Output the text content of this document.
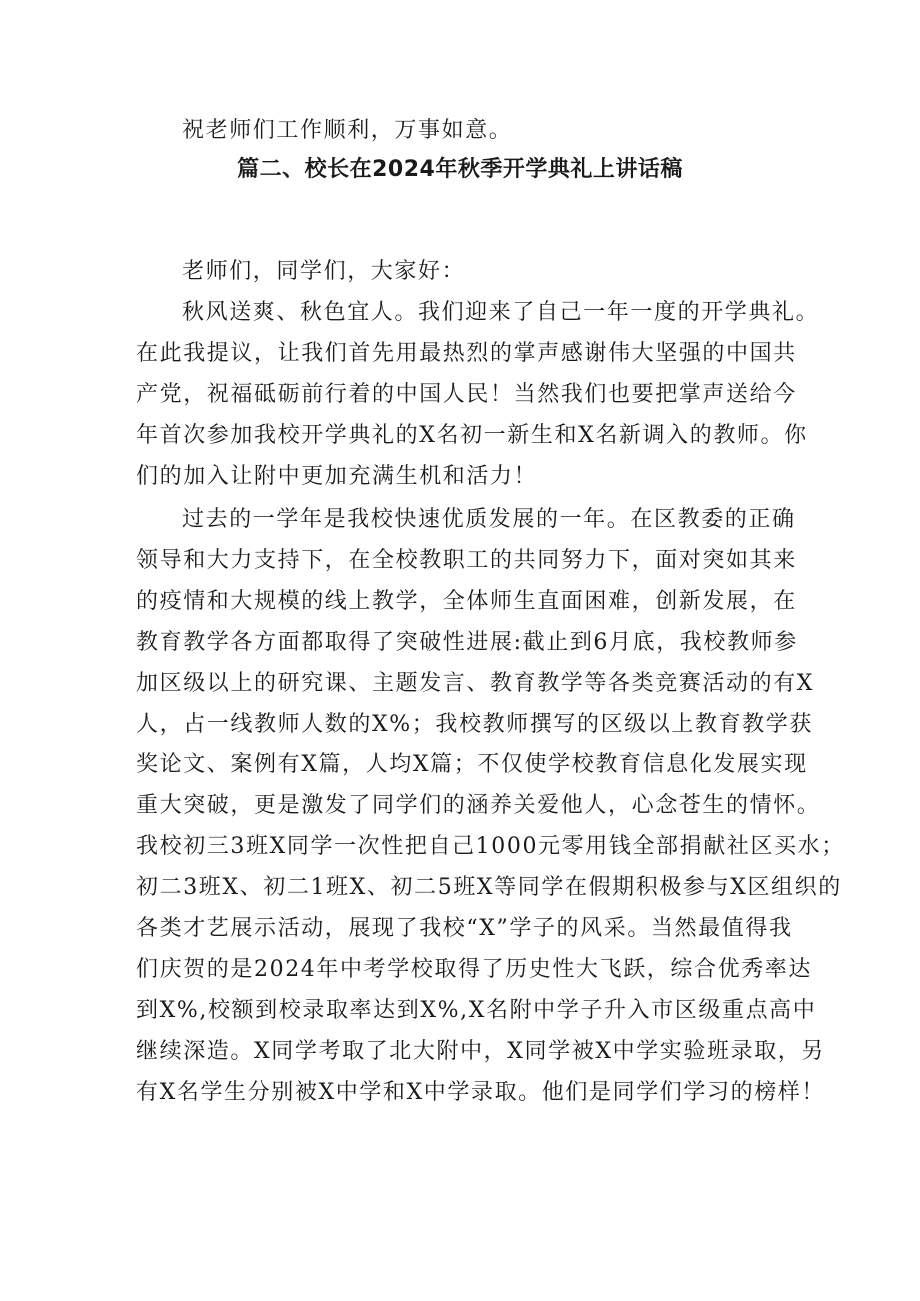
祝老师们工作顺利，万事如意。
篇二、校长在2024年秋季开学典礼上讲话稿
老师们，同学们，大家好：
秋风送爽、秋色宜人。我们迎来了自己一年一度的开学典礼。
在此我提议，让我们首先用最热烈的掌声感谢伟大坚强的中国共
产党，祝福砥砺前行着的中国人民！当然我们也要把掌声送给今
年首次参加我校开学典礼的X名初一新生和X名新调入的教师。你
们的加入让附中更加充满生机和活力！
过去的一学年是我校快速优质发展的一年。在区教委的正确
领导和大力支持下，在全校教职工的共同努力下，面对突如其来
的疫情和大规模的线上教学，全体师生直面困难，创新发展，在
教育教学各方面都取得了突破性进展:截止到6月底，我校教师参
加区级以上的研究课、主题发言、教育教学等各类竞赛活动的有X
人，占一线教师人数的X%；我校教师撰写的区级以上教育教学获
奖论文、案例有X篇，人均X篇；不仅使学校教育信息化发展实现
重大突破，更是激发了同学们的涵养关爱他人，心念苍生的情怀。
我校初三3班X同学一次性把自己1000元零用钱全部捐献社区买水；
初二3班X、初二1班X、初二5班X等同学在假期积极参与X区组织的
各类才艺展示活动，展现了我校“X”学子的风采。当然最值得我
们庆贺的是2024年中考学校取得了历史性大飞跃，综合优秀率达
到X%,校额到校录取率达到X%,X名附中学子升入市区级重点高中
继续深造。X同学考取了北大附中，X同学被X中学实验班录取，另
有X名学生分别被X中学和X中学录取。他们是同学们学习的榜样！
